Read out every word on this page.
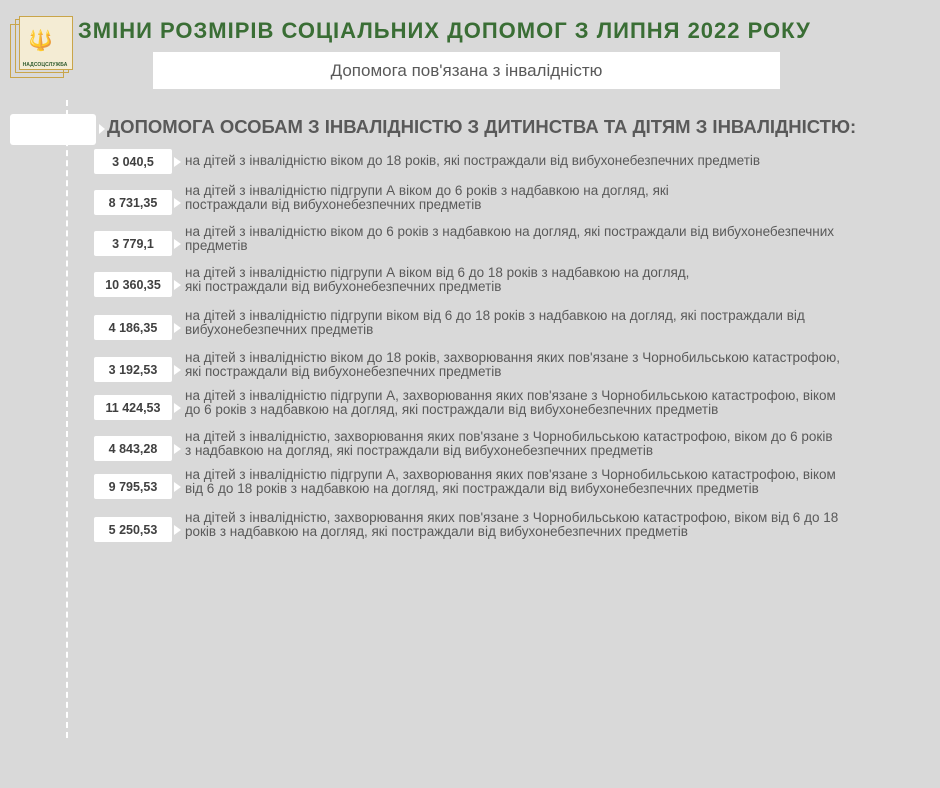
🔱
НАДСОЦСЛУЖБА
ЗМІНИ РОЗМІРІВ СОЦІАЛЬНИХ ДОПОМОГ З ЛИПНЯ 2022 РОКУ
Допомога пов'язана з інвалідністю
ДОПОМОГА ОСОБАМ З ІНВАЛІДНІСТЮ З ДИТИНСТВА ТА ДІТЯМ З ІНВАЛІДНІСТЮ:
3 040,5 на дітей з інвалідністю віком до 18 років, які постраждали від вибухонебезпечних предметів
8 731,35
на дітей з інвалідністю підгрупи А віком до 6 років з надбавкою на догляд, які
постраждали від вибухонебезпечних предметів
3 779,1
на дітей з інвалідністю віком до 6 років з надбавкою на догляд, які постраждали від вибухонебезпечних
предметів
10 360,35
на дітей з інвалідністю підгрупи А віком від 6 до 18 років з надбавкою на догляд,
які постраждали від вибухонебезпечних предметів
4 186,35
на дітей з інвалідністю підгрупи віком від 6 до 18 років з надбавкою на догляд, які постраждали від
вибухонебезпечних предметів
3 192,53
на дітей з інвалідністю віком до 18 років, захворювання яких пов'язане з Чорнобильською катастрофою,
які постраждали від вибухонебезпечних предметів
11 424,53
на дітей з інвалідністю підгрупи А, захворювання яких пов'язане з Чорнобильською катастрофою, віком
до 6 років з надбавкою на догляд, які постраждали від вибухонебезпечних предметів
4 843,28
на дітей з інвалідністю, захворювання яких пов'язане з Чорнобильською катастрофою, віком до 6 років
з надбавкою на догляд, які постраждали від вибухонебезпечних предметів
9 795,53
на дітей з інвалідністю підгрупи А, захворювання яких пов'язане з Чорнобильською катастрофою, віком
від 6 до 18 років з надбавкою на догляд, які постраждали від вибухонебезпечних предметів
5 250,53
на дітей з інвалідністю, захворювання яких пов'язане з Чорнобильською катастрофою, віком від 6 до 18
років з надбавкою на догляд, які постраждали від вибухонебезпечних предметів
